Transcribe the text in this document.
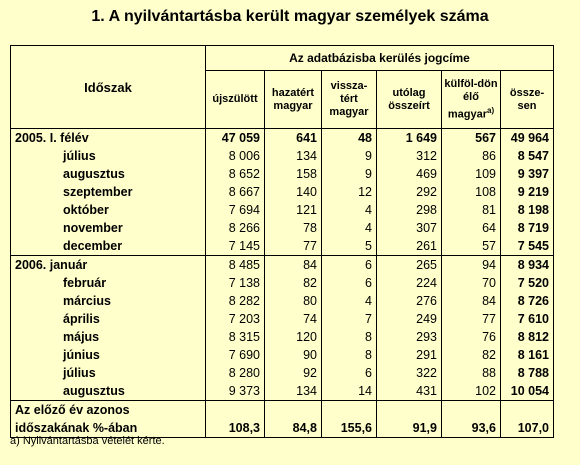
1. A nyilvántartásba került magyar személyek száma
Időszak	Az adatbázisba kerülés jogcíme					
	újszülött	hazatért magyar	vissza-tért magyar	utólag összeírt	külföl-dön élő magyar$^{a)}$	össze-sen
2005. I. félév	47 059	641	48	1 649	567	49 964
július	8 006	134	9	312	86	8 547
augusztus	8 652	158	9	469	109	9 397
szeptember	8 667	140	12	292	108	9 219
október	7 694	121	4	298	81	8 198
november	8 266	78	4	307	64	8 719
december	7 145	77	5	261	57	7 545
2006. január	8 485	84	6	265	94	8 934
február	7 138	82	6	224	70	7 520
március	8 282	80	4	276	84	8 726
április	7 203	74	7	249	77	7 610
május	8 315	120	8	293	76	8 812
június	7 690	90	8	291	82	8 161
július	8 280	92	6	322	88	8 788
augusztus	9 373	134	14	431	102	10 054
Az előző év azonos						
időszakának %-ában	108,3	84,8	155,6	91,9	93,6	107,0
a) Nyilvántartásba vételét kérte.
